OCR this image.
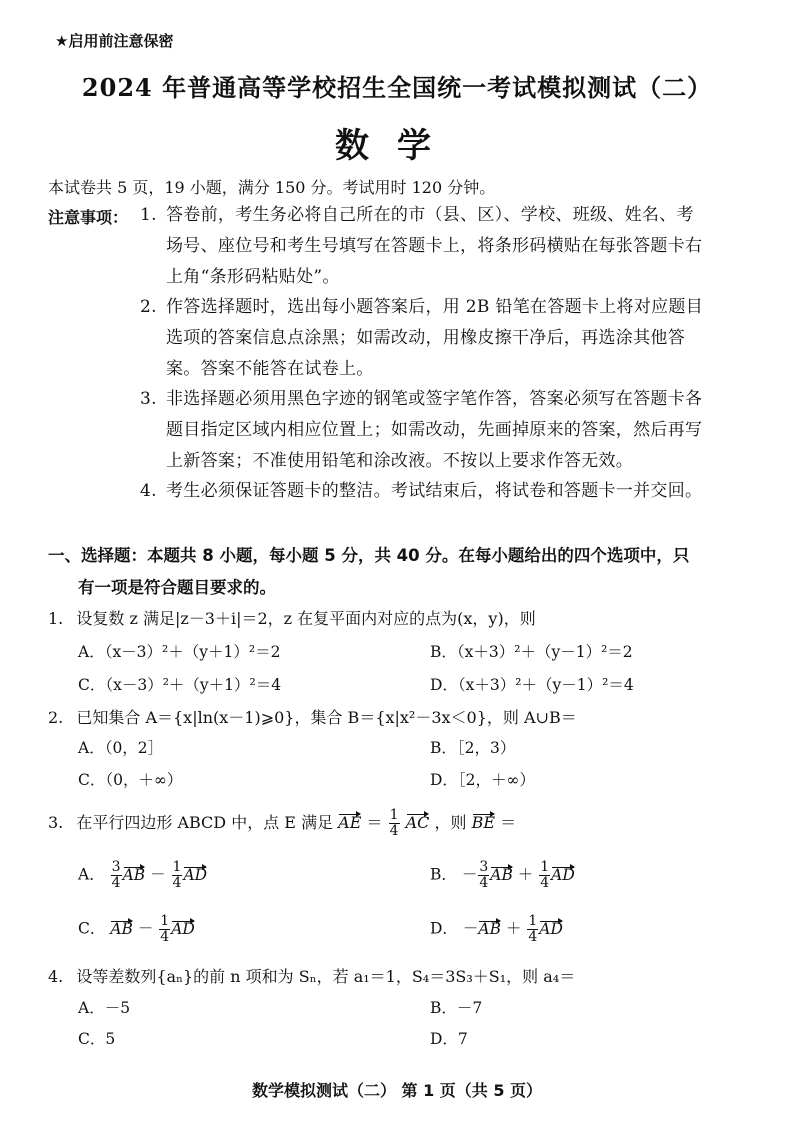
★启用前注意保密
2024 年普通高等学校招生全国统一考试模拟测试（二）
数学
本试卷共 5 页，19 小题，满分 150 分。考试用时 120 分钟。
注意事项： 1. 答卷前，考生务必将自己所在的市（县、区）、学校、班级、姓名、考
场号、座位号和考生号填写在答题卡上，将条形码横贴在每张答题卡右
上角“条形码粘贴处”。
2. 作答选择题时，选出每小题答案后，用 2B 铅笔在答题卡上将对应题目
选项的答案信息点涂黑；如需改动，用橡皮擦干净后，再选涂其他答
案。答案不能答在试卷上。
3. 非选择题必须用黑色字迹的钢笔或签字笔作答，答案必须写在答题卡各
题目指定区域内相应位置上；如需改动，先画掉原来的答案，然后再写
上新答案；不准使用铅笔和涂改液。不按以上要求作答无效。
4. 考生必须保证答题卡的整洁。考试结束后，将试卷和答题卡一并交回。
一、选择题：本题共 8 小题，每小题 5 分，共 40 分。在每小题给出的四个选项中，只
有一项是符合题目要求的。
1. 设复数 z 满足|z－3＋i|＝2，z 在复平面内对应的点为(x，y)，则
A．（x－3）²＋（y＋1）²＝2	B．（x＋3）²＋（y－1）²＝2
C．（x－3）²＋（y＋1）²＝4	D．（x＋3）²＋（y－1）²＝4
2. 已知集合 A＝{x|ln(x－1)⩾0}，集合 B＝{x|x²－3x＜0}，则 A∪B＝
A．（0，2］	B．［2，3）
C．（0，＋∞）	D．［2，＋∞）
3. 在平行四边形 ABCD 中，点 E 满足 AE ＝ $\frac{1}{4}$ AC ，则 BE ＝
A． $\frac{3}{4}$ AB － $\frac{1}{4}$ AD	B． － $\frac{3}{4}$ AB ＋ $\frac{1}{4}$ AD
C． AB － $\frac{1}{4}$ AD	D． $-AB + \frac{1}{4}$ AD
4. 设等差数列{aₙ}的前 n 项和为 Sₙ，若 a₁＝1，S₄＝3S₃＋S₁，则 a₄＝
A．－5	B．－7
C．5	D．7
数学模拟测试（二） 第 1 页（共 5 页）
